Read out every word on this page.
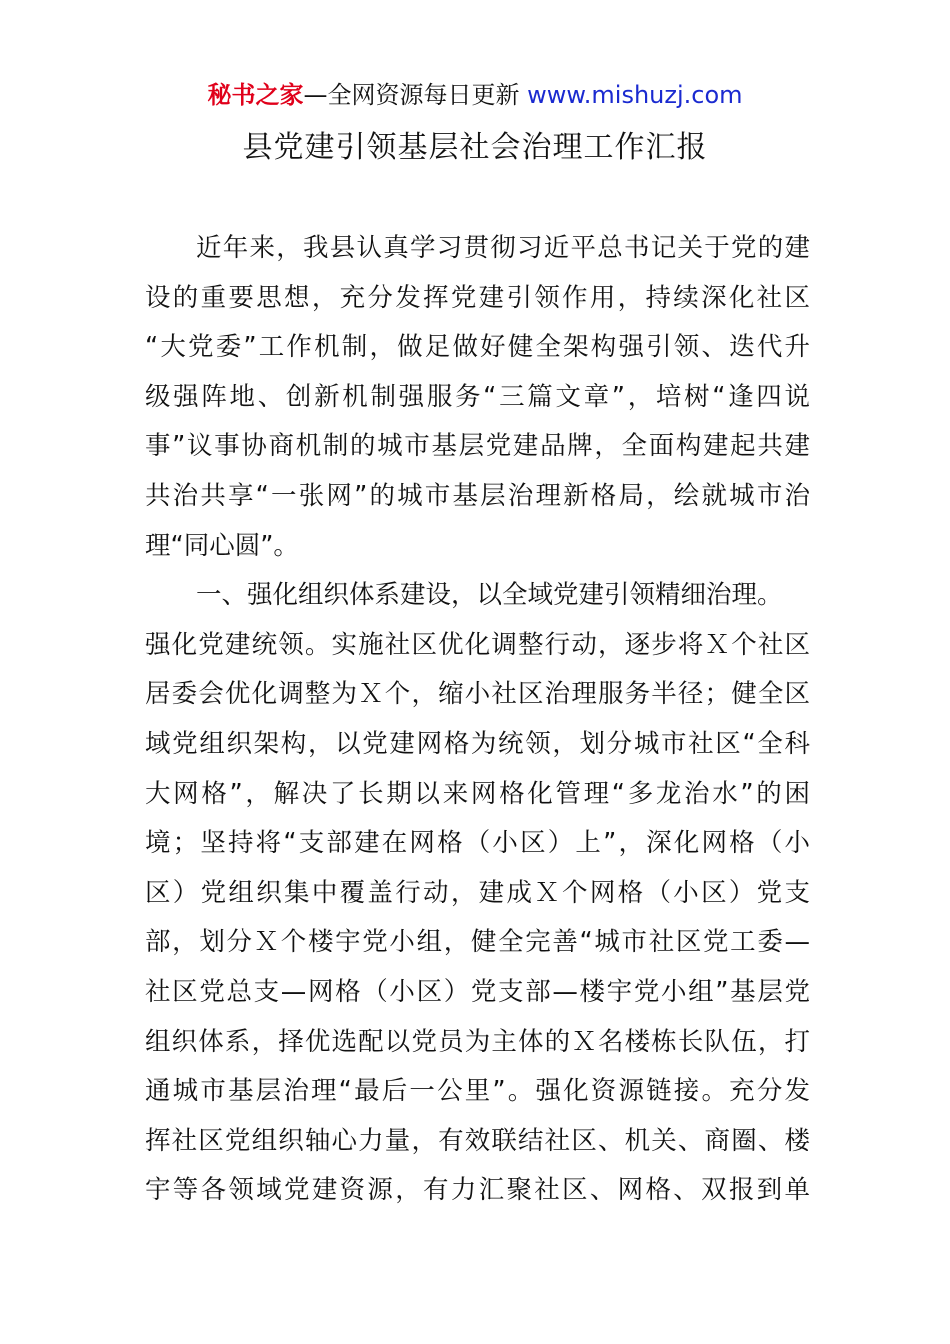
秘书之家—全网资源每日更新 www.mishuzj.com
县党建引领基层社会治理工作汇报
近年来，我县认真学习贯彻习近平总书记关于党的建
设的重要思想，充分发挥党建引领作用，持续深化社区
“大党委”工作机制，做足做好健全架构强引领、迭代升
级强阵地、创新机制强服务“三篇文章”，培树“逢四说
事”议事协商机制的城市基层党建品牌，全面构建起共建
共治共享“一张网”的城市基层治理新格局，绘就城市治
理“同心圆”。
一、强化组织体系建设，以全域党建引领精细治理。
强化党建统领。实施社区优化调整行动，逐步将Ｘ个社区
居委会优化调整为Ｘ个，缩小社区治理服务半径；健全区
域党组织架构，以党建网格为统领，划分城市社区“全科
大网格”，解决了长期以来网格化管理“多龙治水”的困
境；坚持将“支部建在网格（小区）上”，深化网格（小
区）党组织集中覆盖行动，建成Ｘ个网格（小区）党支
部，划分Ｘ个楼宇党小组，健全完善“城市社区党工委—
社区党总支—网格（小区）党支部—楼宇党小组”基层党
组织体系，择优选配以党员为主体的Ｘ名楼栋长队伍，打
通城市基层治理“最后一公里”。强化资源链接。充分发
挥社区党组织轴心力量，有效联结社区、机关、商圈、楼
宇等各领域党建资源，有力汇聚社区、网格、双报到单
